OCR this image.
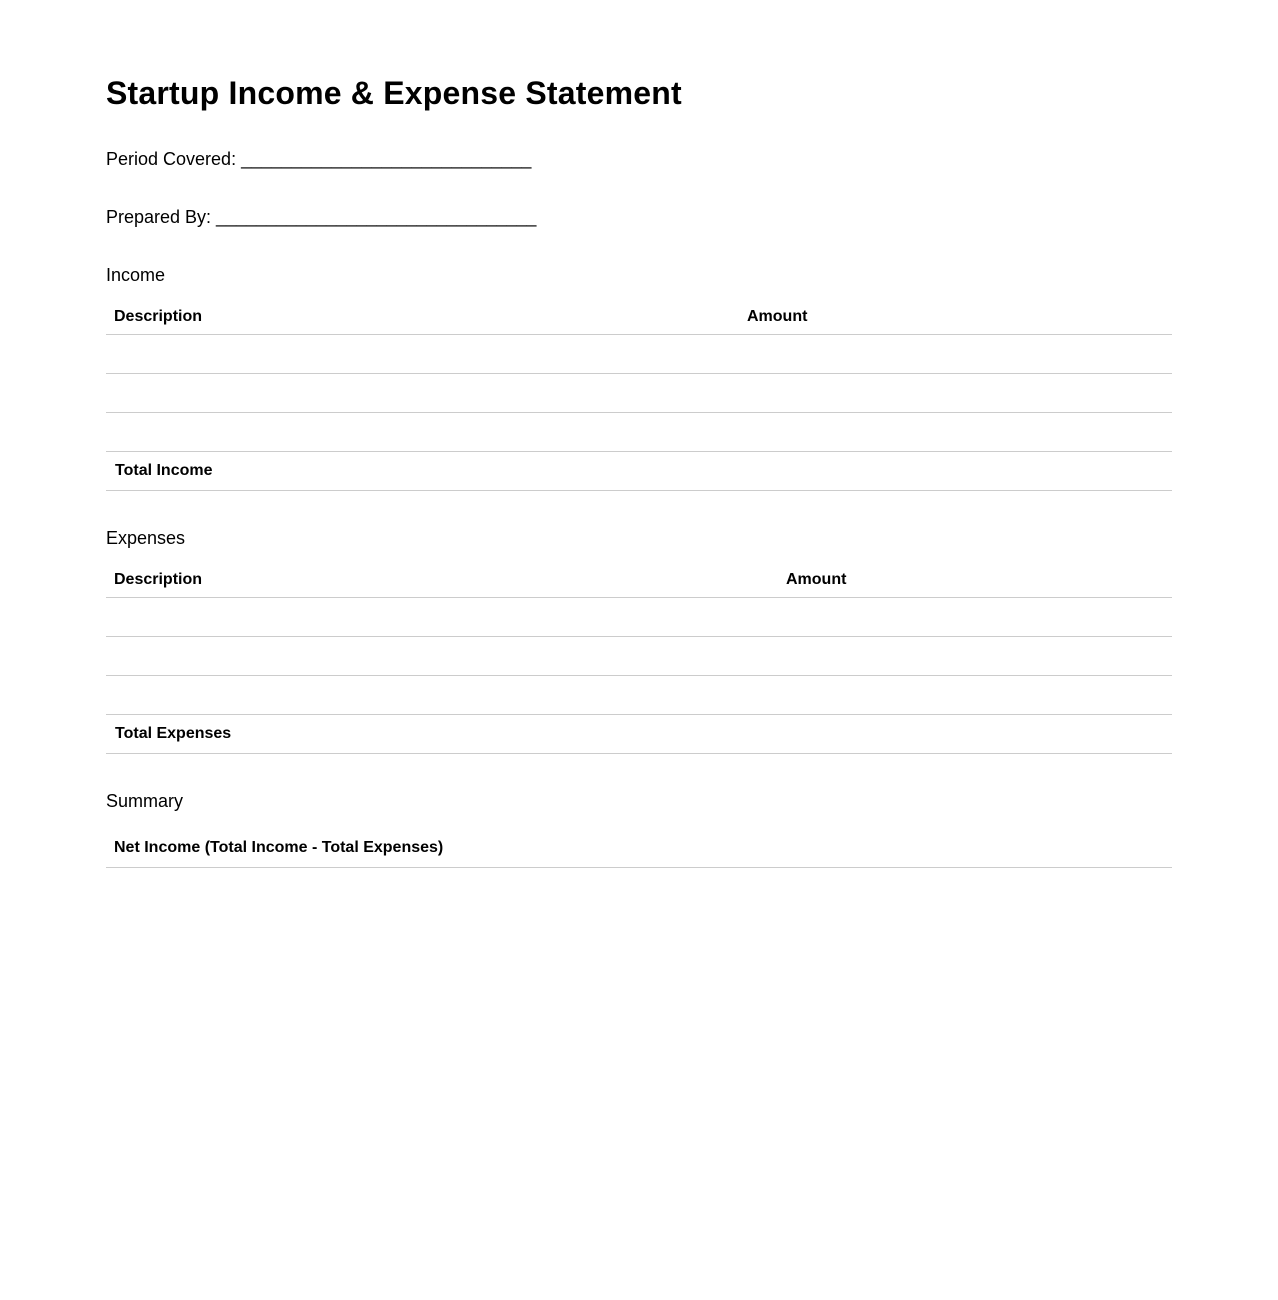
Startup Income & Expense Statement
Period Covered: _____________________________
Prepared By: ________________________________
Income
Description	Amount

Total Income	
Expenses
Description	Amount

Total Expenses	
Summary
Net Income (Total Income - Total Expenses)	
